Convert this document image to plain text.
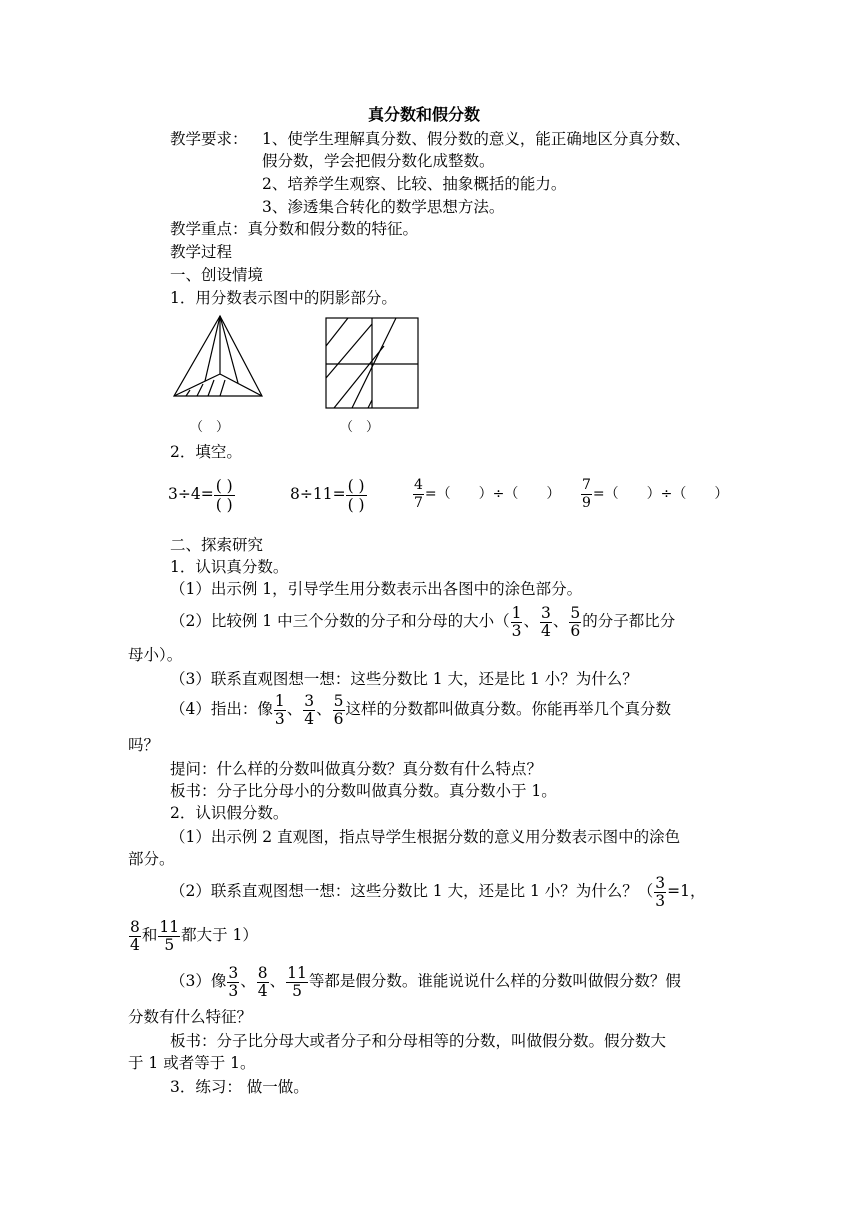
真分数和假分数
教学要求： 1、使学生理解真分数、假分数的意义，能正确地区分真分数、
假分数，学会把假分数化成整数。
2、培养学生观察、比较、抽象概括的能力。
3、渗透集合转化的数学思想方法。
教学重点：真分数和假分数的特征。
教学过程
一、创设情境
1．用分数表示图中的阴影部分。
（　）	（　）
2．填空。
3÷4= ( )
( )
8÷11= ( )
( )	$\frac{4}{7}$ =（　　）÷（　　） $\frac{7}{9}$ =（　　）÷（　　）
二、探索研究
1．认识真分数。
（1）出示例 1，引导学生用分数表示出各图中的涂色部分。
（2）比较例 1 中三个分数的分子和分母的大小（ $\frac{1}{3}$ 、 $\frac{3}{4}$ 、 $\frac{5}{6}$ 的分子都比分
母小）。
（3）联系直观图想一想：这些分数比 1 大，还是比 1 小？为什么？
（4）指出：像 $\frac{1}{3}$ 、 $\frac{3}{4}$ 、 $\frac{5}{6}$ 这样的分数都叫做真分数。你能再举几个真分数
吗？
提问：什么样的分数叫做真分数？真分数有什么特点？
板书：分子比分母小的分数叫做真分数。真分数小于 1。
2．认识假分数。
（1）出示例 2 直观图，指点导学生根据分数的意义用分数表示图中的涂色
部分。
（2）联系直观图想一想：这些分数比 1 大，还是比 1 小？为什么？（ $\frac{3}{3} =1$，
$\frac{8}{4}$ 和 $\frac{11}{5}$ 都大于 1）
（3）像 $\frac{3}{3}$ 、 $\frac{8}{4}$ 、 $\frac{11}{5}$ 等都是假分数。谁能说说什么样的分数叫做假分数？假
分数有什么特征？
板书：分子比分母大或者分子和分母相等的分数，叫做假分数。假分数大
于 1 或者等于 1。
3．练习： 做一做。
